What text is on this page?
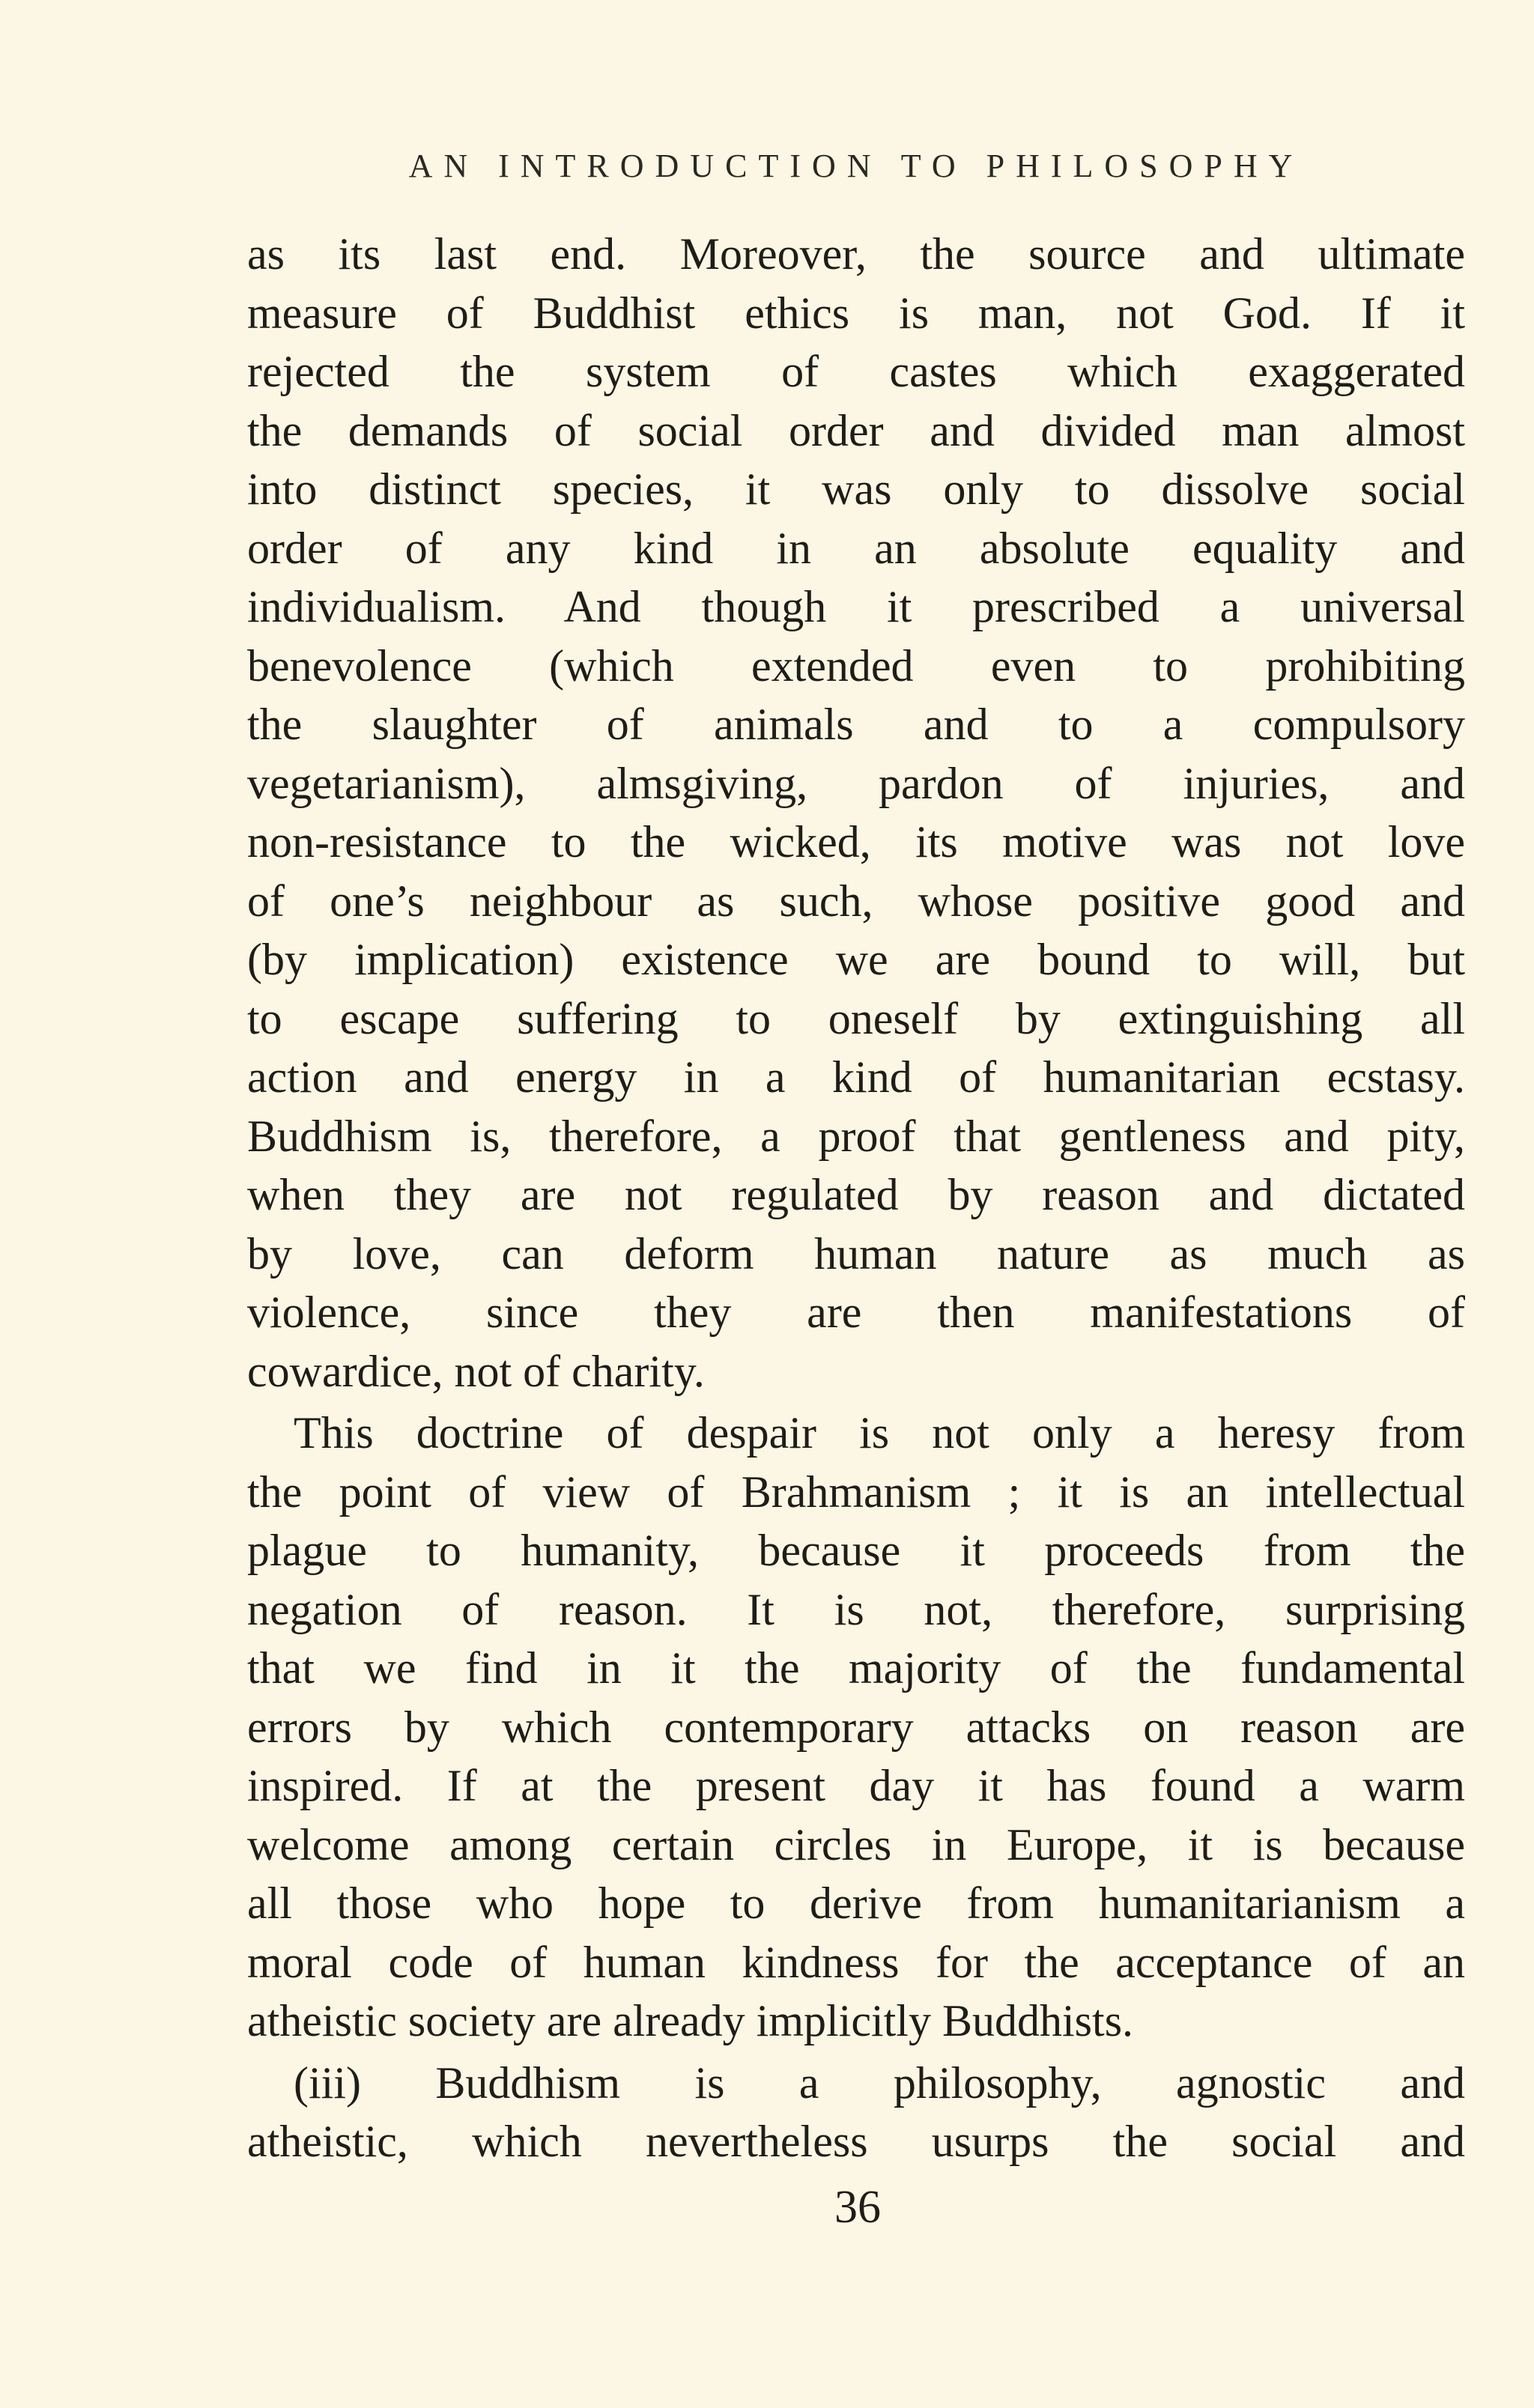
AN INTRODUCTION TO PHILOSOPHY
as its last end. Moreover, the source and ultimate
measure of Buddhist ethics is man, not God. If it
rejected the system of castes which exaggerated
the demands of social order and divided man almost
into distinct species, it was only to dissolve social
order of any kind in an absolute equality and
individualism. And though it prescribed a universal
benevolence (which extended even to prohibiting
the slaughter of animals and to a compulsory
vegetarianism), almsgiving, pardon of injuries, and
non-resistance to the wicked, its motive was not love
of one’s neighbour as such, whose positive good and
(by implication) existence we are bound to will, but
to escape suffering to oneself by extinguishing all
action and energy in a kind of humanitarian ecstasy.
Buddhism is, therefore, a proof that gentleness and pity,
when they are not regulated by reason and dictated
by love, can deform human nature as much as
violence, since they are then manifestations of
cowardice, not of charity.
This doctrine of despair is not only a heresy from
the point of view of Brahmanism ; it is an intellectual
plague to humanity, because it proceeds from the
negation of reason. It is not, therefore, surprising
that we find in it the majority of the fundamental
errors by which contemporary attacks on reason are
inspired. If at the present day it has found a warm
welcome among certain circles in Europe, it is because
all those who hope to derive from humanitarianism a
moral code of human kindness for the acceptance of an
atheistic society are already implicitly Buddhists.
(iii) Buddhism is a philosophy, agnostic and
atheistic, which nevertheless usurps the social and
36
